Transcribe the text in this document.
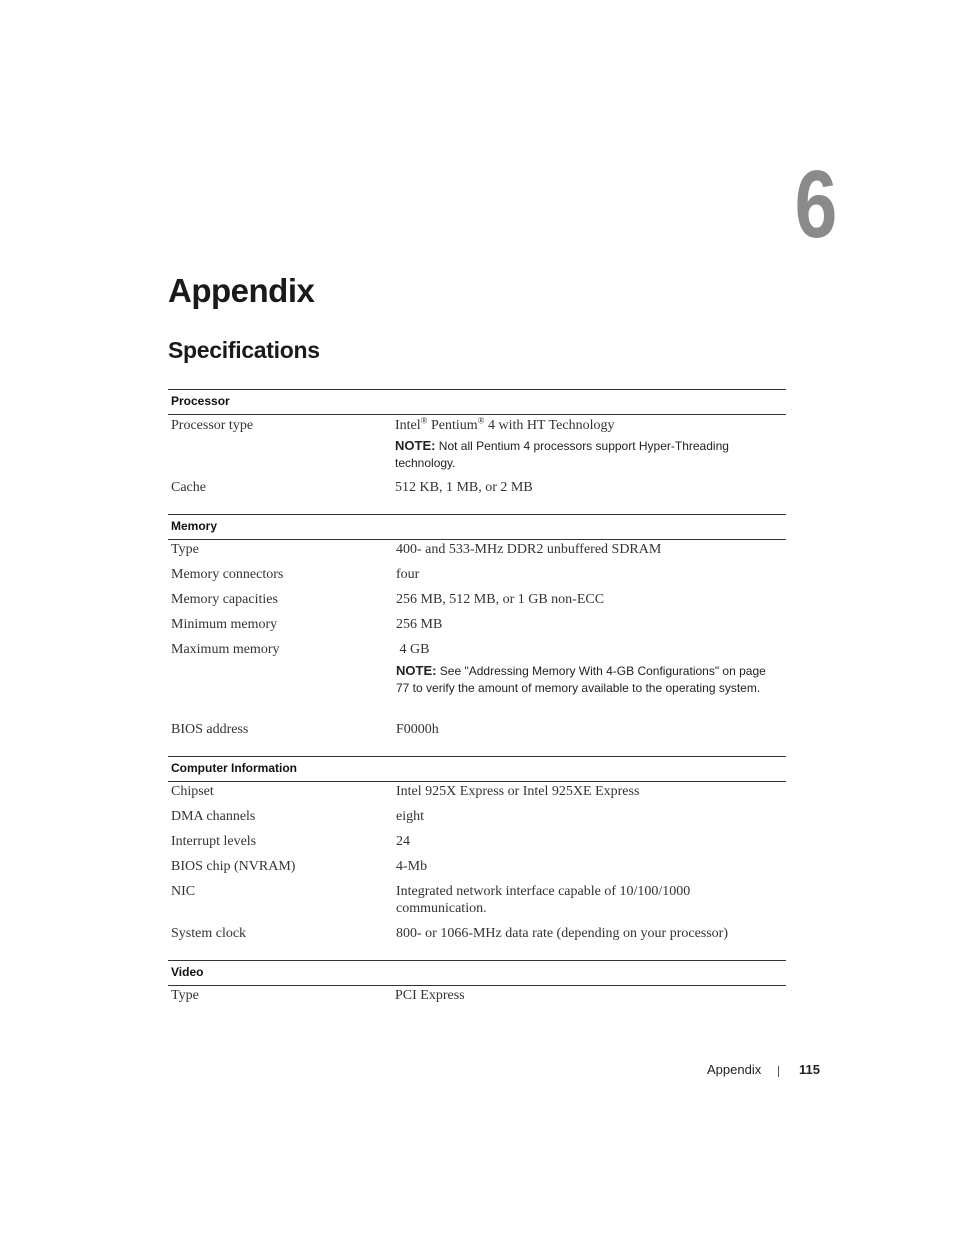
6
Appendix
Specifications
Processor
Processor type	Intel® Pentium® 4 with HT Technology
NOTE: Not all Pentium 4 processors support Hyper-Threading technology.
Cache	512 KB, 1 MB, or 2 MB
Memory
Type	400- and 533-MHz DDR2 unbuffered SDRAM
Memory connectors	four
Memory capacities	256 MB, 512 MB, or 1 GB non-ECC
Minimum memory	256 MB
Maximum memory	4 GB
NOTE: See "Addressing Memory With 4-GB Configurations" on page 77 to verify the amount of memory available to the operating system.
BIOS address	F0000h
Computer Information
Chipset	Intel 925X Express or Intel 925XE Express
DMA channels	eight
Interrupt levels	24
BIOS chip (NVRAM)	4-Mb
NIC	Integrated network interface capable of 10/100/1000
communication.
System clock	800- or 1066-MHz data rate (depending on your processor)
Video
Type	PCI Express
Appendix	115
